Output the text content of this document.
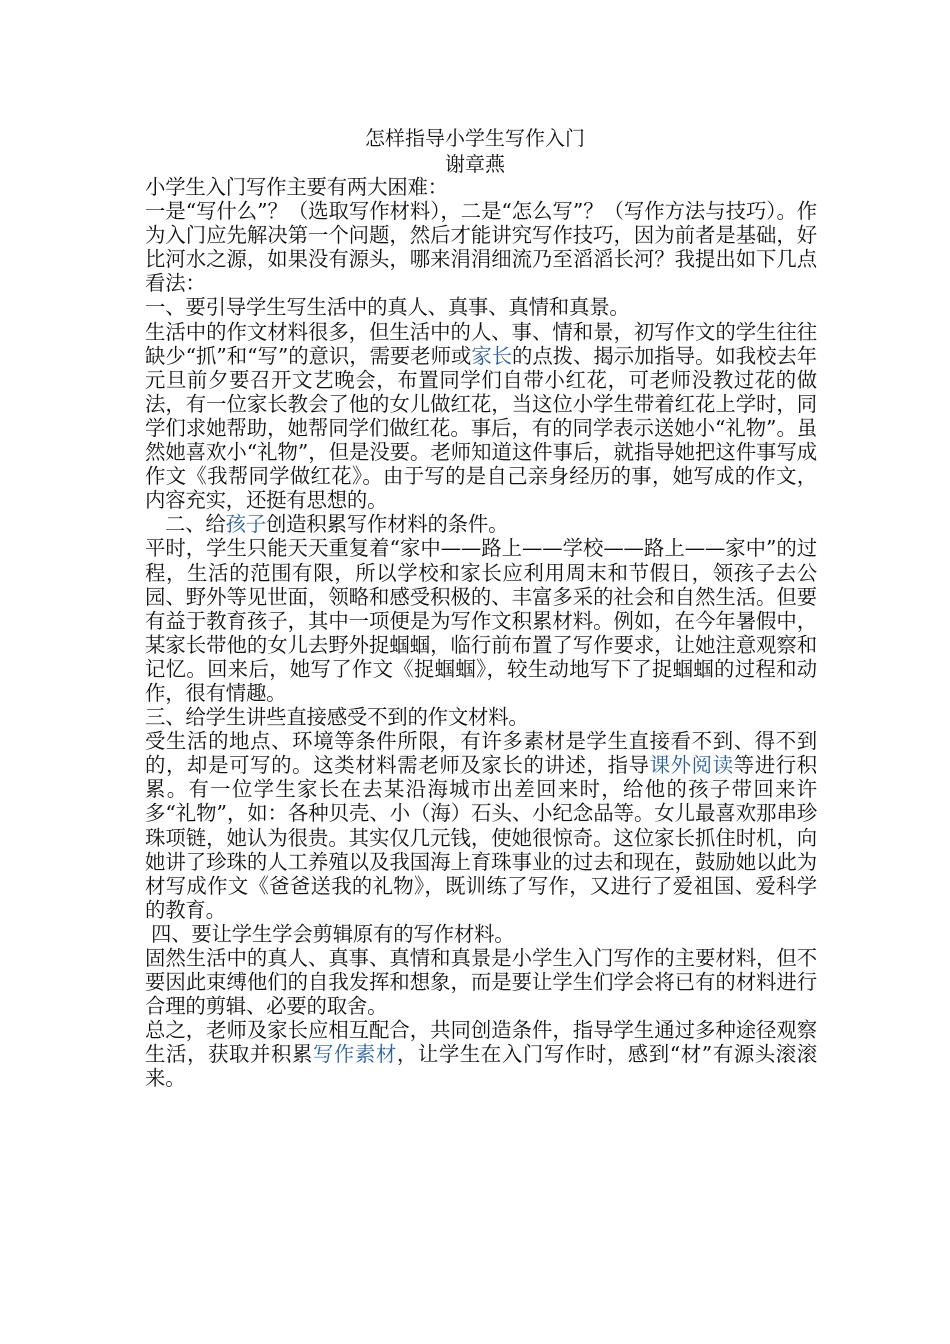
怎样指导小学生写作入门
谢章燕

小学生入门写作主要有两大困难：

一是“写什么”？（选取写作材料），二是“怎么写”？（写作方法与技巧）。作为入门应先解决第一个问题，然后才能讲究写作技巧，因为前者是基础，好比河水之源，如果没有源头，哪来涓涓细流乃至滔滔长河？我提出如下几点看法：

一、要引导学生写生活中的真人、真事、真情和真景。

生活中的作文材料很多，但生活中的人、事、情和景，初写作文的学生往往缺少“抓”和“写”的意识，需要老师或家长的点拨、揭示加指导。如我校去年元旦前夕要召开文艺晚会，布置同学们自带小红花，可老师没教过花的做法，有一位家长教会了他的女儿做红花，当这位小学生带着红花上学时，同学们求她帮助，她帮同学们做红花。事后，有的同学表示送她小“礼物”。虽然她喜欢小“礼物”，但是没要。老师知道这件事后，就指导她把这件事写成作文《我帮同学做红花》。由于写的是自己亲身经历的事，她写成的作文，内容充实，还挺有思想的。

二、给孩子创造积累写作材料的条件。

平时，学生只能天天重复着“家中——路上——学校——路上——家中”的过程，生活的范围有限，所以学校和家长应利用周末和节假日，领孩子去公园、野外等见世面，领略和感受积极的、丰富多采的社会和自然生活。但要有益于教育孩子，其中一项便是为写作文积累材料。例如，在今年暑假中，某家长带他的女儿去野外捉蝈蝈，临行前布置了写作要求，让她注意观察和记忆。回来后，她写了作文《捉蝈蝈》，较生动地写下了捉蝈蝈的过程和动作，很有情趣。

三、给学生讲些直接感受不到的作文材料。

受生活的地点、环境等条件所限，有许多素材是学生直接看不到、得不到的，却是可写的。这类材料需老师及家长的讲述，指导课外阅读等进行积累。有一位学生家长在去某沿海城市出差回来时，给他的孩子带回来许多“礼物”，如：各种贝壳、小（海）石头、小纪念品等。女儿最喜欢那串珍珠项链，她认为很贵。其实仅几元钱，使她很惊奇。这位家长抓住时机，向她讲了珍珠的人工养殖以及我国海上育珠事业的过去和现在，鼓励她以此为材写成作文《爸爸送我的礼物》，既训练了写作，又进行了爱祖国、爱科学的教育。

四、要让学生学会剪辑原有的写作材料。

固然生活中的真人、真事、真情和真景是小学生入门写作的主要材料，但不要因此束缚他们的自我发挥和想象，而是要让学生们学会将已有的材料进行合理的剪辑、必要的取舍。

总之，老师及家长应相互配合，共同创造条件，指导学生通过多种途径观察生活，获取并积累写作素材，让学生在入门写作时，感到“材”有源头滚滚来。
